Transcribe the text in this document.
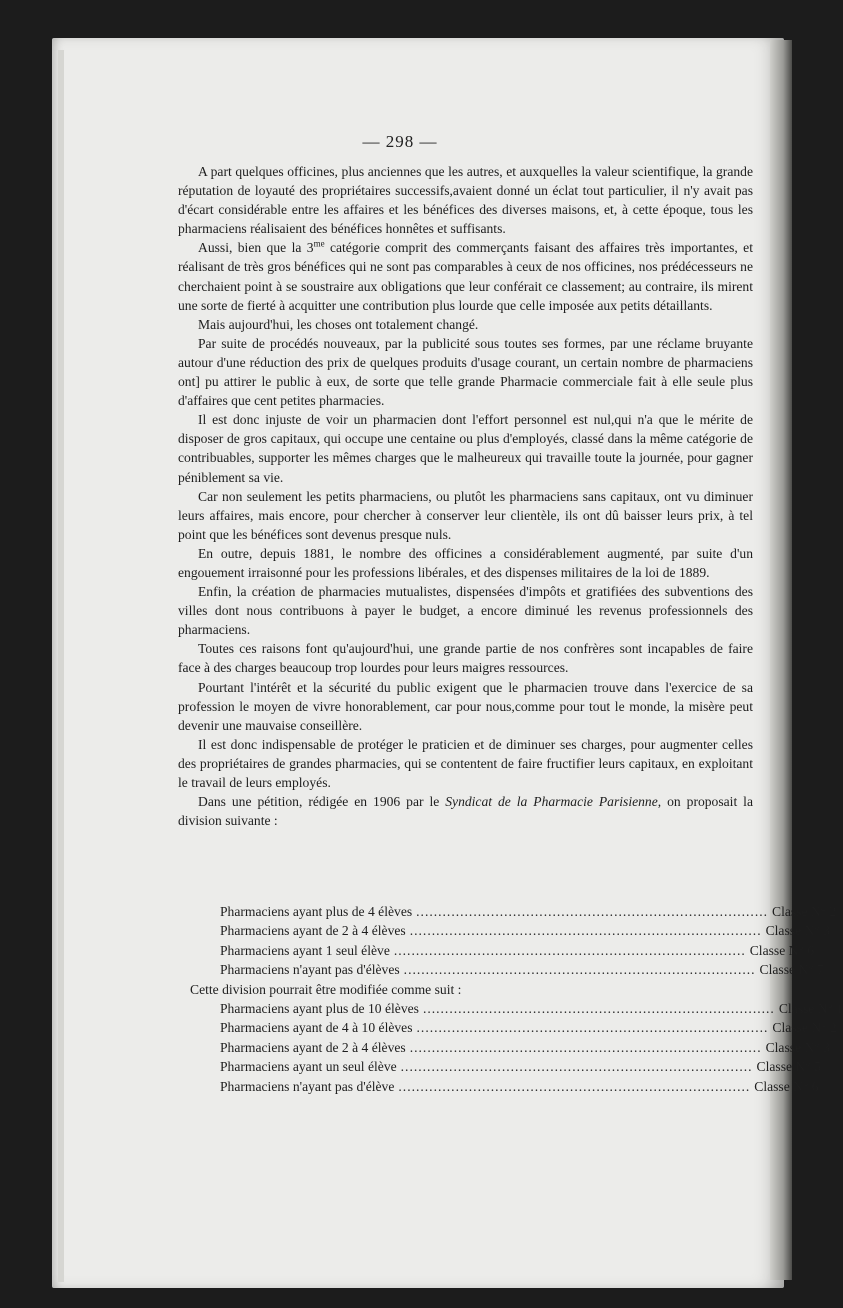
— 298 —

A part quelques officines, plus anciennes que les autres, et auxquelles la valeur scientifique, la grande réputation de loyauté des propriétaires successifs,avaient donné un éclat tout particulier, il n'y avait pas d'écart considérable entre les affaires et les bénéfices des diverses maisons, et, à cette époque, tous les pharmaciens réalisaient des bénéfices honnêtes et suffisants.

Aussi, bien que la $3^{me}$ catégorie comprit des commerçants faisant des affaires très importantes, et réalisant de très gros bénéfices qui ne sont pas comparables à ceux de nos officines, nos prédécesseurs ne cherchaient point à se soustraire aux obligations que leur conférait ce classement; au contraire, ils mirent une sorte de fierté à acquitter une contribution plus lourde que celle imposée aux petits détaillants.

Mais aujourd'hui, les choses ont totalement changé.

Par suite de procédés nouveaux, par la publicité sous toutes ses formes, par une réclame bruyante autour d'une réduction des prix de quelques produits d'usage courant, un certain nombre de pharmaciens ont] pu attirer le public à eux, de sorte que telle grande Pharmacie commerciale fait à elle seule plus d'affaires que cent petites pharmacies.

Il est donc injuste de voir un pharmacien dont l'effort personnel est nul,qui n'a que le mérite de disposer de gros capitaux, qui occupe une centaine ou plus d'employés, classé dans la même catégorie de contribuables, supporter les mêmes charges que le malheureux qui travaille toute la journée, pour gagner péniblement sa vie.

Car non seulement les petits pharmaciens, ou plutôt les pharmaciens sans capitaux, ont vu diminuer leurs affaires, mais encore, pour chercher à conserver leur clientèle, ils ont dû baisser leurs prix, à tel point que les bénéfices sont devenus presque nuls.

En outre, depuis 1881, le nombre des officines a considérablement augmenté, par suite d'un engouement irraisonné pour les professions libérales, et des dispenses militaires de la loi de 1889.

Enfin, la création de pharmacies mutualistes, dispensées d'impôts et gratifiées des subventions des villes dont nous contribuons à payer le budget, a encore diminué les revenus professionnels des pharmaciens.

Toutes ces raisons font qu'aujourd'hui, une grande partie de nos confrères sont incapables de faire face à des charges beaucoup trop lourdes pour leurs maigres ressources.

Pourtant l'intérêt et la sécurité du public exigent que le pharmacien trouve dans l'exercice de sa profession le moyen de vivre honorablement, car pour nous,comme pour tout le monde, la misère peut devenir une mauvaise conseillère.

Il est donc indispensable de protéger le praticien et de diminuer ses charges, pour augmenter celles des propriétaires de grandes pharmacies, qui se contentent de faire fructifier leurs capitaux, en exploitant le travail de leurs employés.

Dans une pétition, rédigée en 1906 par le Syndicat de la Pharmacie Parisienne, on proposait la division suivante :

Pharmaciens ayant plus de 4 élèves ................................................................................ Classe N° 2
Pharmaciens ayant de 2 à 4 élèves ................................................................................ Classe N° 3
Pharmaciens ayant 1 seul élève ................................................................................ Classe N° 6
Pharmaciens n'ayant pas d'élèves ................................................................................ Classe N° 7
Cette division pourrait être modifiée comme suit :
Pharmaciens ayant plus de 10 élèves ................................................................................ Classe N° 1
Pharmaciens ayant de 4 à 10 élèves ................................................................................ Classe N° 2
Pharmaciens ayant de 2 à 4 élèves ................................................................................ Classe N° 3
Pharmaciens ayant un seul élève ................................................................................ Classe N° 5
Pharmaciens n'ayant pas d'élève ................................................................................ Classe N° 6
